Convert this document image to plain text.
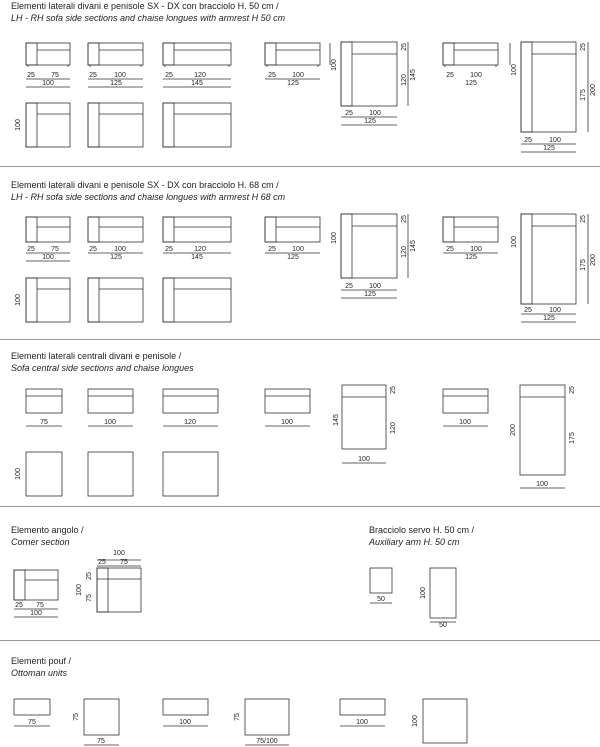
Elementi laterali divani e penisole SX - DX con bracciolo H. 50 cm /
LH - RH sofa side sections and chaise longues with armrest H 50 cm
Elementi laterali divani e penisole SX - DX con bracciolo H. 68 cm /
LH - RH sofa side sections and chaise longues with armrest H 68 cm
Elementi laterali centrali divani e penisole /
Sofa central side sections and chaise longues
Elemento angolo /
Corner section
Bracciolo servo H. 50 cm /
Auxiliary arm H. 50 cm
Elementi pouf /
Ottoman units
25 75
100
25 100
125
25	120
145
25 100
125
25 100
125
25 100
125
25 100
125
25 75
100
25 100
125
25	120
145
25 100
125
25 100
125
25 100
125
25 100
125
75	100	120	100	100
100
100
25 75
100
100
25 75
50
50
75
75
100
75/100
100
100
100
25
120 145	100
25
175 200
100
100
25
120
145	100
25
175 200
100
145
25
120	200
25
175
100
25
75	100
75	75	100
